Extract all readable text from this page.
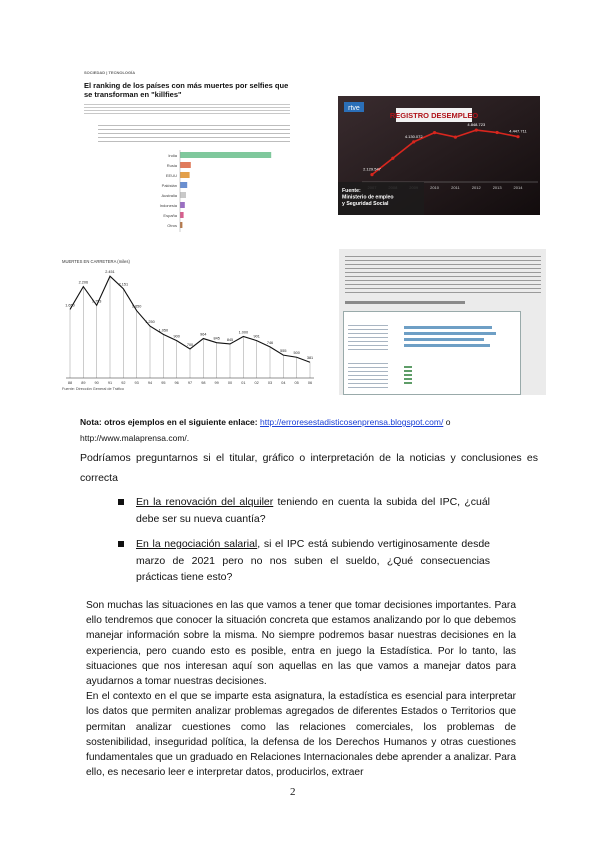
SOCIEDAD | TECNOLOGÍA
El ranking de los países con más muertes por selfies que se transforman en "killfies"
India
Rusia
EEUU
Pakistán
Australia
Indonesia
España
Otros
REGISTRO DESEMPLEO
rtve
2.129.547
4.130.072
2010	2011	2012
4.848.723
2013	2014
4.447.711
Fuente: Ministerio de empleo y Seguridad Social
MUERTES EN CARRETERA (miles)
88
1.650
89
2.206
90
1.753
91
2.451
92
2.151
93
1.650
94
1.250
95
1.050
96
900
97
700
98
964
99
845
00
845
01
1.000
02
901
03
746
04
555
05
500
06
381
Fuente: Dirección General de Tráfico
Nota: otros ejemplos en el siguiente enlace: http://erroresestadisticosenprensa.blogspot.com/ o
http://www.malaprensa.com/.
Podríamos preguntarnos si el titular, gráfico o interpretación de la noticias y conclusiones es correcta
En la renovación del alquiler teniendo en cuenta la subida del IPC, ¿cuál debe ser su nueva cuantía?
En la negociación salarial, si el IPC está subiendo vertiginosamente desde marzo de 2021 pero no nos suben el sueldo, ¿Qué consecuencias prácticas tiene esto?

Son muchas las situaciones en las que vamos a tener que tomar decisiones importantes. Para ello tendremos que conocer la situación concreta que estamos analizando por lo que debemos manejar información sobre la misma. No siempre podremos basar nuestras decisiones en la experiencia, pero cuando esto es posible, entra en juego la Estadística. Por lo tanto, las situaciones que nos interesan aquí son aquellas en las que vamos a manejar datos para ayudarnos a tomar nuestras decisiones.

En el contexto en el que se imparte esta asignatura, la estadística es esencial para interpretar los datos que permiten analizar problemas agregados de diferentes Estados o Territorios que permitan analizar cuestiones como las relaciones comerciales, los problemas de sostenibilidad, inseguridad política, la defensa de los Derechos Humanos y otras cuestiones fundamentales que un graduado en Relaciones Internacionales debe aprender a analizar. Para ello, es necesario leer e interpretar datos, producirlos, extraer

2
